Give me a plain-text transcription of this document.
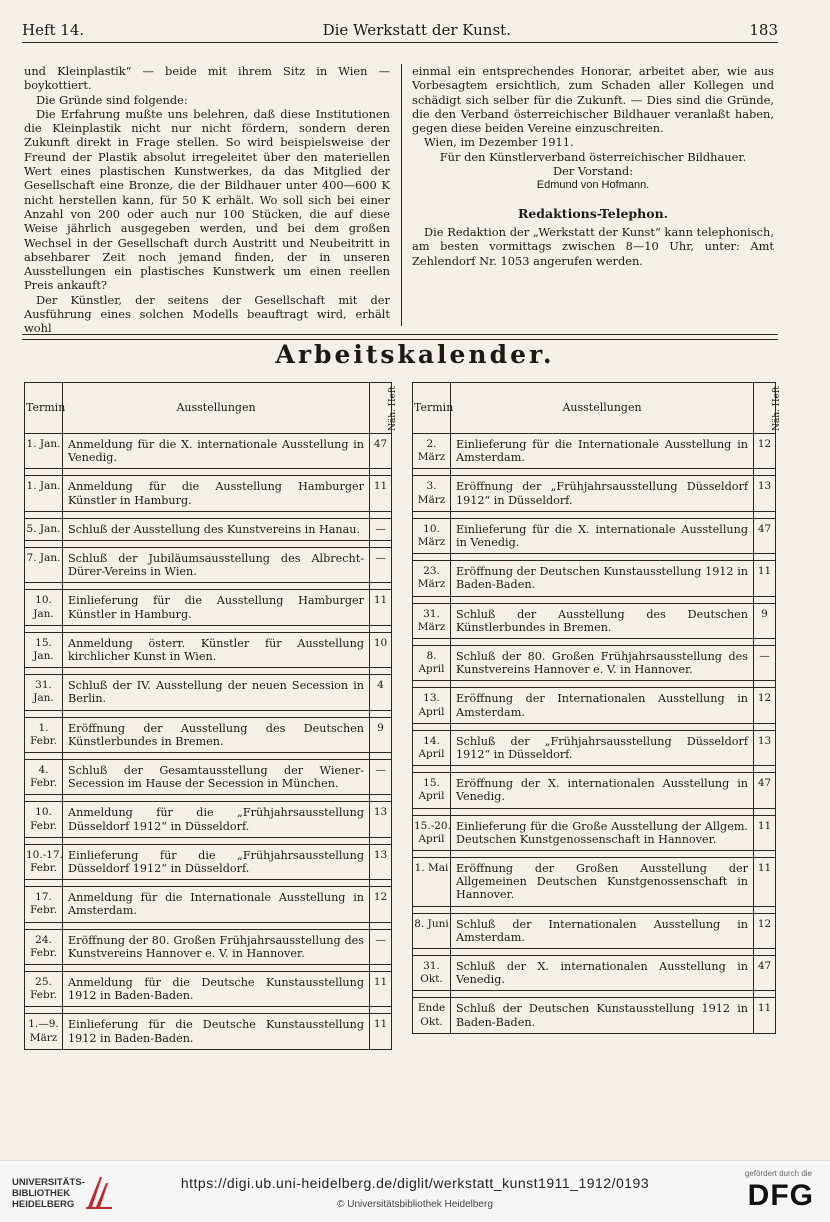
Heft 14.	Die Werkstatt der Kunst.	183

und Kleinplastik“ — beide mit ihrem Sitz in Wien — boykottiert.

Die Gründe sind folgende:

Die Erfahrung mußte uns belehren, daß diese Institutionen die Kleinplastik nicht nur nicht fördern, sondern deren Zukunft direkt in Frage stellen. So wird beispielsweise der Freund der Plastik absolut irregeleitet über den materiellen Wert eines plastischen Kunstwerkes, da das Mitglied der Gesellschaft eine Bronze, die der Bildhauer unter 400—600 K nicht herstellen kann, für 50 K erhält. Wo soll sich bei einer Anzahl von 200 oder auch nur 100 Stücken, die auf diese Weise jährlich ausgegeben werden, und bei dem großen Wechsel in der Gesellschaft durch Austritt und Neubeitritt in absehbarer Zeit noch jemand finden, der in unseren Ausstellungen ein plastisches Kunstwerk um einen reellen Preis ankauft?

Der Künstler, der seitens der Gesellschaft mit der Ausführung eines solchen Modells beauftragt wird, erhält wohl

einmal ein entsprechendes Honorar, arbeitet aber, wie aus Vorbesagtem ersichtlich, zum Schaden aller Kollegen und schädigt sich selber für die Zukunft. — Dies sind die Gründe, die den Verband österreichischer Bildhauer veranlaßt haben, gegen diese beiden Vereine einzuschreiten.

Wien, im Dezember 1911.

Für den Künstlerverband österreichischer Bildhauer.

Der Vorstand:

Edmund von Hofmann.

Redaktions-Telephon.

Die Redaktion der „Werkstatt der Kunst“ kann telephonisch, am besten vormittags zwischen 8—10 Uhr, unter: Amt Zehlendorf Nr. 1053 angerufen werden.

Arbeitskalender.
Termin	Ausstellungen	Näh. Heft
1. Jan.	Anmeldung für die X. internationale Ausstellung in Venedig.	47

1. Jan.	Anmeldung für die Ausstellung Hamburger Künstler in Hamburg.	11

5. Jan.	Schluß der Ausstellung des Kunstvereins in Hanau.	—

7. Jan.	Schluß der Jubiläumsausstellung des Albrecht-Dürer-Vereins in Wien.	—

10. Jan.	Einlieferung für die Ausstellung Hamburger Künstler in Hamburg.	11

15. Jan.	Anmeldung österr. Künstler für Ausstellung kirchlicher Kunst in Wien.	10

31. Jan.	Schluß der IV. Ausstellung der neuen Secession in Berlin.	4

1. Febr.	Eröffnung der Ausstellung des Deutschen Künstlerbundes in Bremen.	9

4. Febr.	Schluß der Gesamtausstellung der Wiener-Secession im Hause der Secession in München.	—

10. Febr.	Anmeldung für die „Frühjahrsausstellung Düsseldorf 1912“ in Düsseldorf.	13

10.-17. Febr.	Einlieferung für die „Frühjahrsausstellung Düsseldorf 1912“ in Düsseldorf.	13

17. Febr.	Anmeldung für die Internationale Ausstellung in Amsterdam.	12

24. Febr.	Eröffnung der 80. Großen Frühjahrsausstellung des Kunstvereins Hannover e. V. in Hannover.	—

25. Febr.	Anmeldung für die Deutsche Kunstausstellung 1912 in Baden-Baden.	11

1.—9. März	Einlieferung für die Deutsche Kunstausstellung 1912 in Baden-Baden.	11
Termin	Ausstellungen	Näh. Heft
2. März	Einlieferung für die Internationale Ausstellung in Amsterdam.	12

3. März	Eröffnung der „Frühjahrsausstellung Düsseldorf 1912“ in Düsseldorf.	13

10. März	Einlieferung für die X. internationale Ausstellung in Venedig.	47

23. März	Eröffnung der Deutschen Kunstausstellung 1912 in Baden-Baden.	11

31. März	Schluß der Ausstellung des Deutschen Künstlerbundes in Bremen.	9

8. April	Schluß der 80. Großen Frühjahrsausstellung des Kunstvereins Hannover e. V. in Hannover.	—

13. April	Eröffnung der Internationalen Ausstellung in Amsterdam.	12

14. April	Schluß der „Frühjahrsausstellung Düsseldorf 1912“ in Düsseldorf.	13

15. April	Eröffnung der X. internationalen Ausstellung in Venedig.	47

15.-20. April	Einlieferung für die Große Ausstellung der Allgem. Deutschen Kunstgenossenschaft in Hannover.	11

1. Mai	Eröffnung der Großen Ausstellung der Allgemeinen Deutschen Kunstgenossenschaft in Hannover.	11

8. Juni	Schluß der Internationalen Ausstellung in Amsterdam.	12

31. Okt.	Schluß der X. internationalen Ausstellung in Venedig.	47

Ende Okt.	Schluß der Deutschen Kunstausstellung 1912 in Baden-Baden.	11
UNIVERSITÄTS-
BIBLIOTHEK
HEIDELBERG
https://digi.ub.uni-heidelberg.de/diglit/werkstatt_kunst1911_1912/0193
© Universitätsbibliothek Heidelberg
gefördert durch die
DFG
